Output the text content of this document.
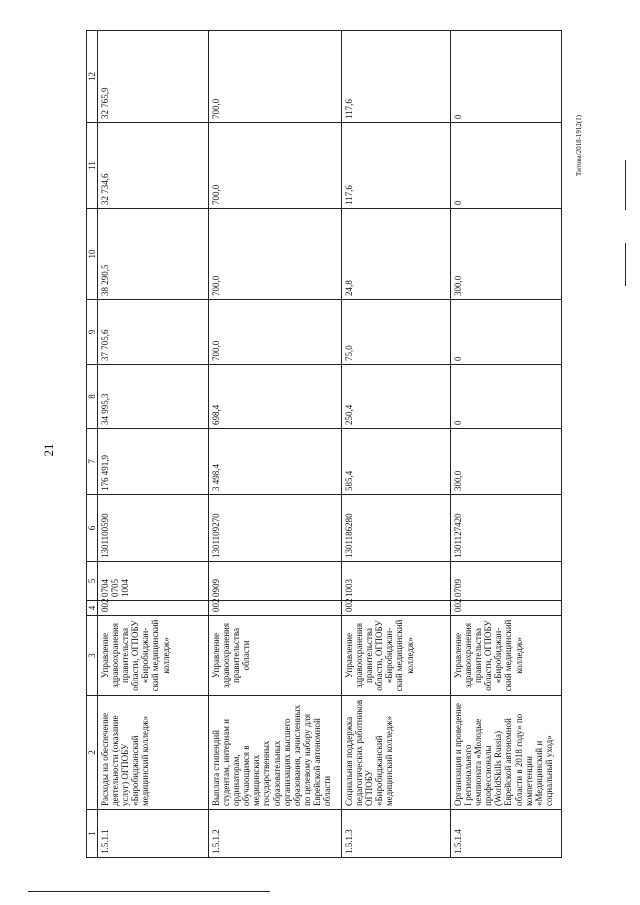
21
Титова/2018-1912(1)
1	2	3	4	5	6	7	8	9	10	11	12
1.5.1.1	Расходы на обеспечение деятельности (оказание услуг) ОГПОБУ «Биробиджанский медицинский колледж»	Управление здравоохранения правительства области, ОГПОБУ «Биробиджан-ский медицинский колледж»	002	0704 0705 1004	1301100590	176 491,9	34 995,3	37 705,6	38 290,5	32 734,6	32 765,9
1.5.1.2	Выплата стипендий студентам, интернам и ординаторам, обучающимся в медицинских государственных образовательных организациях высшего образования, зачисленных по целевому набору для Еврейской автономной области	Управление здравоохранения правительства области	002	0909	1301109270	3 498,4	698,4	700,0	700,0	700,0	700,0
1.5.1.3	Социальная поддержка педагогических работников ОГПОБУ «Биробиджанский медицинский колледж»	Управление здравоохранения правительства области, ОГПОБУ «Биробиджан-ский медицинский колледж»	002	1003	1301186280	585,4	250,4	75,0	24,8	117,6	117,6
1.5.1.4	Организация и проведение I регионального чемпионата «Молодые профессионалы (WorldSkills Russia) Еврейской автономной области в 2018 году» по компетенции «Медицинский и социальный уход»	Управление здравоохранения правительства области, ОГПОБУ «Биробиджан-ский медицинский колледж»	002	0709	1301127420	300,0	0	0	300,0	0	0
